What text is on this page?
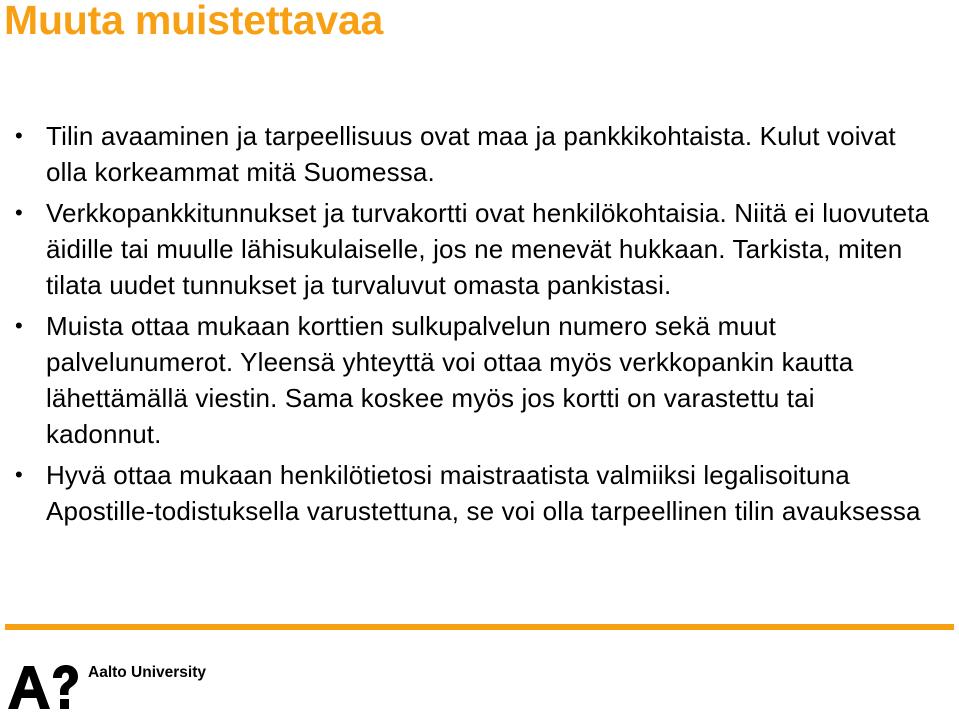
Muuta muistettavaa
• Tilin avaaminen ja tarpeellisuus ovat maa ja pankkikohtaista. Kulut voivat olla korkeammat mitä Suomessa.
• Verkkopankkitunnukset ja turvakortti ovat henkilökohtaisia. Niitä ei luovuteta äidille tai muulle lähisukulaiselle, jos ne menevät hukkaan. Tarkista, miten tilata uudet tunnukset ja turvaluvut omasta pankistasi.
• Muista ottaa mukaan korttien sulkupalvelun numero sekä muut palvelunumerot. Yleensä yhteyttä voi ottaa myös verkkopankin kautta lähettämällä viestin. Sama koskee myös jos kortti on varastettu tai kadonnut.
• Hyvä ottaa mukaan henkilötietosi maistraatista valmiiksi legalisoituna Apostille-todistuksella varustettuna, se voi olla tarpeellinen tilin avauksessa
Aalto University
